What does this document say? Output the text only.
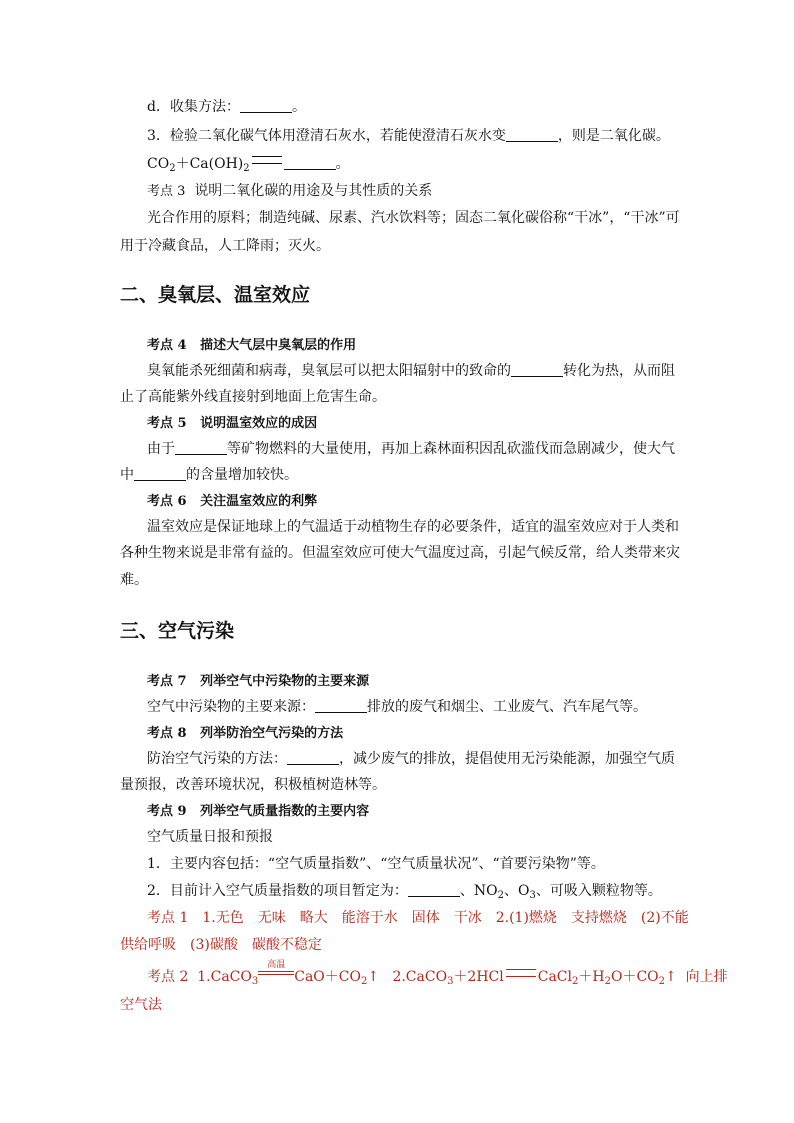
d．收集方法：	。
3．检验二氧化碳气体用澄清石灰水，若能使澄清石灰水变	，则是二氧化碳。
$CO_2+Ca(OH)_2$	。
考点 3 说明二氧化碳的用途及与其性质的关系
光合作用的原料；制造纯碱、尿素、汽水饮料等；固态二氧化碳俗称“干冰”，“干冰”可
用于冷藏食品，人工降雨；灭火。
二、臭氧层、温室效应
考点 4 描述大气层中臭氧层的作用
臭氧能杀死细菌和病毒，臭氧层可以把太阳辐射中的致命的	转化为热，从而阻
止了高能紫外线直接射到地面上危害生命。
考点 5 说明温室效应的成因
由于	等矿物燃料的大量使用，再加上森林面积因乱砍滥伐而急剧减少，使大气
中	的含量增加较快。
考点 6 关注温室效应的利弊
温室效应是保证地球上的气温适于动植物生存的必要条件，适宜的温室效应对于人类和
各种生物来说是非常有益的。但温室效应可使大气温度过高，引起气候反常，给人类带来灾
难。
三、空气污染
考点 7 列举空气中污染物的主要来源
空气中污染物的主要来源：	排放的废气和烟尘、工业废气、汽车尾气等。
考点 8 列举防治空气污染的方法
防治空气污染的方法：	，减少废气的排放，提倡使用无污染能源，加强空气质
量预报，改善环境状况，积极植树造林等。
考点 9 列举空气质量指数的主要内容
空气质量日报和预报
1．主要内容包括：“空气质量指数”、“空气质量状况”、“首要污染物”等。
2．目前计入空气质量指数的项目暂定为：	、$NO_2$、$O_3$、可吸入颗粒物等。
考点 1　1.无色　无味　略大　能溶于水　固体　干冰　2.(1)燃烧　支持燃烧　(2)不能
供给呼吸　(3)碳酸　碳酸不稳定
考点 2 1.CaCO$_3$
高温
$CaO+CO_2↑$ 2.CaCO$_3$＋2HCl $CaCl_2+H_2O+CO_2↑$ 向上排
空气法
